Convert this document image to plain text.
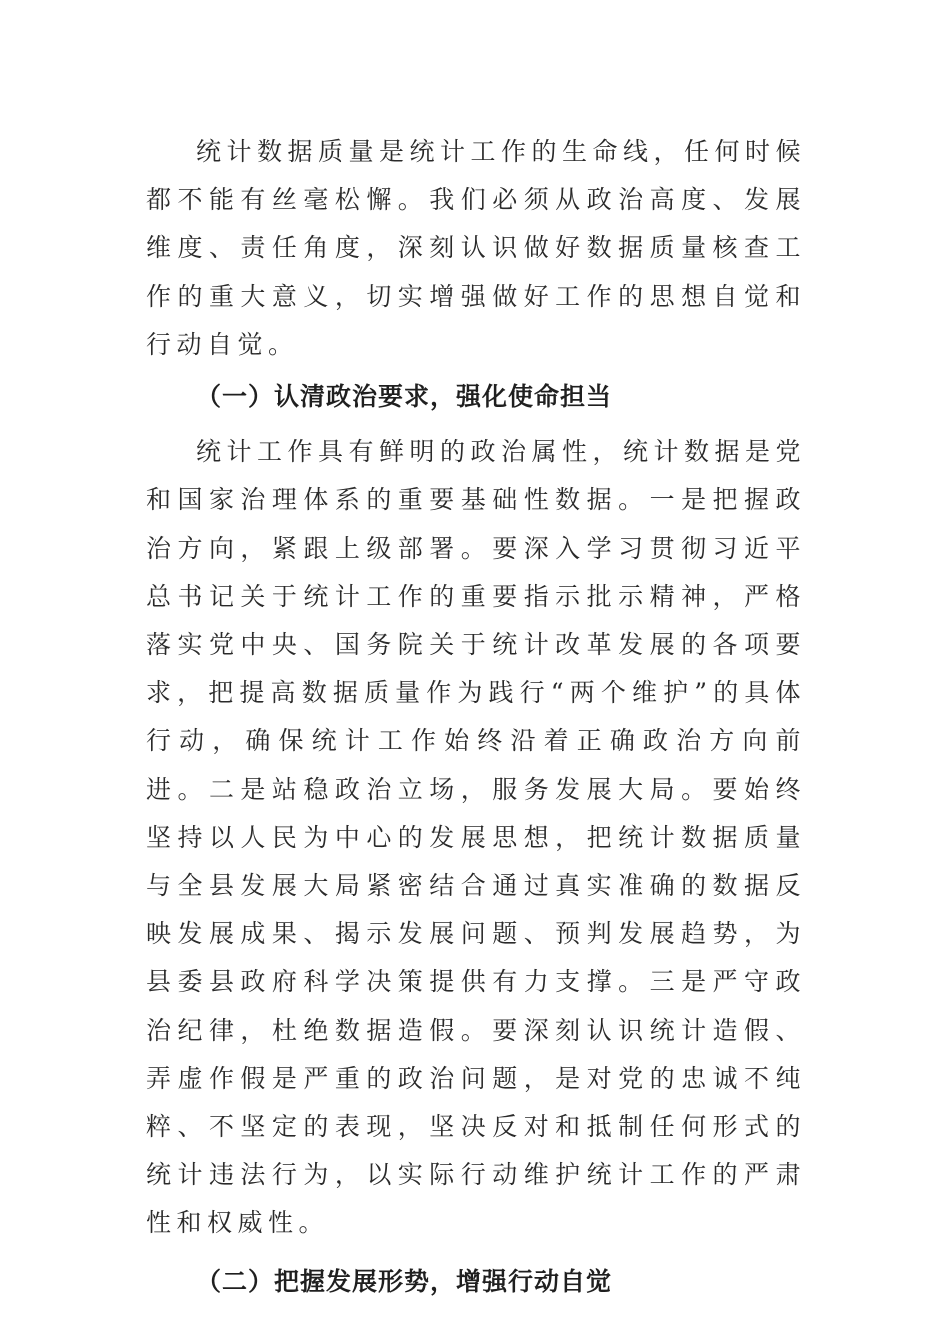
统计数据质量是统计工作的生命线，任何时候都不能有丝毫松懈。我们必须从政治高度、发展维度、责任角度，深刻认识做好数据质量核查工作的重大意义，切实增强做好工作的思想自觉和行动自觉。

（一）认清政治要求，强化使命担当

统计工作具有鲜明的政治属性，统计数据是党和国家治理体系的重要基础性数据。一是把握政治方向，紧跟上级部署。要深入学习贯彻习近平总书记关于统计工作的重要指示批示精神，严格落实党中央、国务院关于统计改革发展的各项要求，把提高数据质量作为践行“两个维护”的具体行动，确保统计工作始终沿着正确政治方向前进。二是站稳政治立场，服务发展大局。要始终坚持以人民为中心的发展思想，把统计数据质量与全县发展大局紧密结合通过真实准确的数据反映发展成果、揭示发展问题、预判发展趋势，为县委县政府科学决策提供有力支撑。三是严守政治纪律，杜绝数据造假。要深刻认识统计造假、弄虚作假是严重的政治问题，是对党的忠诚不纯粹、不坚定的表现，坚决反对和抵制任何形式的统计违法行为，以实际行动维护统计工作的严肃性和权威性。

（二）把握发展形势，增强行动自觉
